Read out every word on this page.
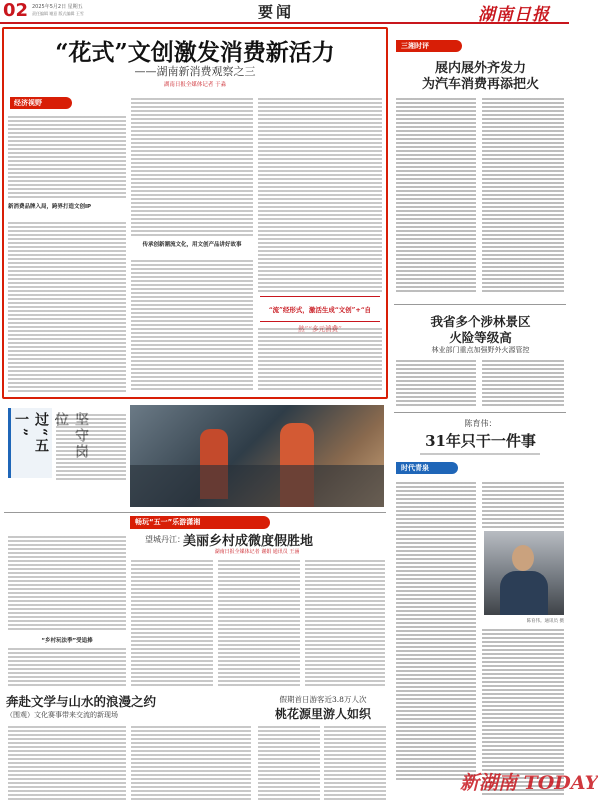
02 2025年5月2日 星期五
责任编辑 谢意 版式编辑 王雪	要闻	湖南日报
“花式”文创激发消费新活力
——湖南新消费观察之三
湖南日报全媒体记者 于淼
经济视野
新消费品牌入局，跨界打造文创IP
传承创新潮流文化，用文创产品讲好故事
“流”经形式，激活生成“文创”+“自
过“五一”
三湘时评
展内展外齐发力
为汽车消费再添把火
我省多个涉林景区
火险等级高
林业部门重点加强野外火源管控
陈育伟：
31年只干一件事
时代青泉
陈育伟。通讯员 摄
畅玩“五一”乐游潇湘
“乡村玩法季”受追捧
奔赴文学与山水的浪漫之约
（围观）文化赛事带来交流的新现场
望城丹江：
美丽乡村成微度假胜地
湖南日报全媒体记者 谢娟 通讯员 王涵
假期首日游客近3.8万人次
桃花源里游人如织
新湖南 TODAY
